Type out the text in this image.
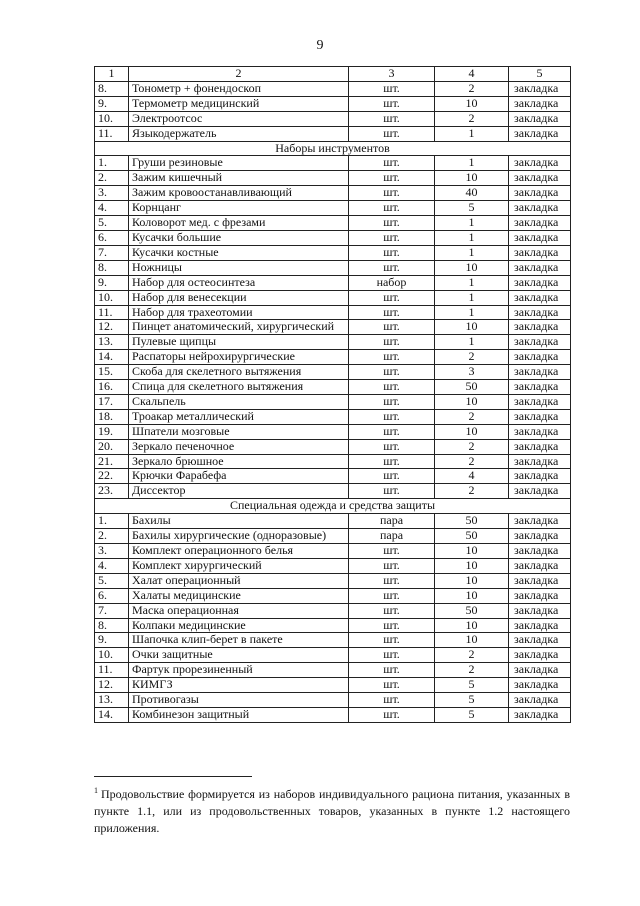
9
1	2	3	4	5
8.	Тонометр + фонендоскоп	шт.	2	закладка
9.	Термометр медицинский	шт.	10	закладка
10.	Электроотсос	шт.	2	закладка
11.	Языкодержатель	шт.	1	закладка
Наборы инструментов				
1.	Груши резиновые	шт.	1	закладка
2.	Зажим кишечный	шт.	10	закладка
3.	Зажим кровоостанавливающий	шт.	40	закладка
4.	Корнцанг	шт.	5	закладка
5.	Коловорот мед. с фрезами	шт.	1	закладка
6.	Кусачки большие	шт.	1	закладка
7.	Кусачки костные	шт.	1	закладка
8.	Ножницы	шт.	10	закладка
9.	Набор для остеосинтеза	набор	1	закладка
10.	Набор для венесекции	шт.	1	закладка
11.	Набор для трахеотомии	шт.	1	закладка
12.	Пинцет анатомический, хирургический	шт.	10	закладка
13.	Пулевые щипцы	шт.	1	закладка
14.	Распаторы нейрохирургические	шт.	2	закладка
15.	Скоба для скелетного вытяжения	шт.	3	закладка
16.	Спица для скелетного вытяжения	шт.	50	закладка
17.	Скальпель	шт.	10	закладка
18.	Троакар металлический	шт.	2	закладка
19.	Шпатели мозговые	шт.	10	закладка
20.	Зеркало печеночное	шт.	2	закладка
21.	Зеркало брюшное	шт.	2	закладка
22.	Крючки Фарабефа	шт.	4	закладка
23.	Диссектор	шт.	2	закладка
Специальная одежда и средства защиты				
1.	Бахилы	пара	50	закладка
2.	Бахилы хирургические (одноразовые)	пара	50	закладка
3.	Комплект операционного белья	шт.	10	закладка
4.	Комплект хирургический	шт.	10	закладка
5.	Халат операционный	шт.	10	закладка
6.	Халаты медицинские	шт.	10	закладка
7.	Маска операционная	шт.	50	закладка
8.	Колпаки медицинские	шт.	10	закладка
9.	Шапочка клип-берет в пакете	шт.	10	закладка
10.	Очки защитные	шт.	2	закладка
11.	Фартук прорезиненный	шт.	2	закладка
12.	КИМГЗ	шт.	5	закладка
13.	Противогазы	шт.	5	закладка
14.	Комбинезон защитный	шт.	5	закладка
$^1$ Продовольствие формируется из наборов индивидуального рациона питания, указанных в пункте 1.1, или из продовольственных товаров, указанных в пункте 1.2 настоящего приложения.
